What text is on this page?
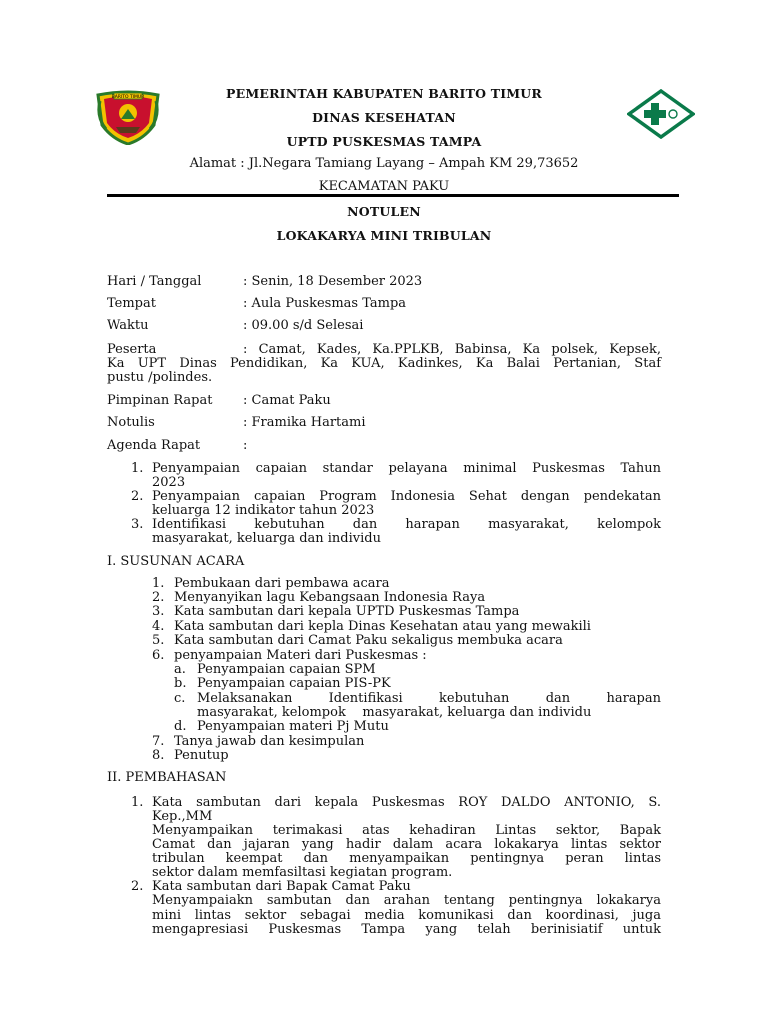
BARITO TIMUR	PEMERINTAH KABUPATEN BARITO TIMUR
DINAS KESEHATAN
UPTD PUSKESMAS TAMPA
Alamat : Jl.Negara Tamiang Layang – Ampah KM 29,73652
KECAMATAN PAKU
NOTULEN
LOKAKARYA MINI TRIBULAN
Hari / Tanggal	: Senin, 18 Desember 2023
Tempat	: Aula Puskesmas Tampa
Waktu	: 09.00 s/d Selesai
Peserta	: Camat, Kades, Ka.PPLKB, Babinsa, Ka polsek, Kepsek,
Ka UPT Dinas Pendidikan, Ka KUA, Kadinkes, Ka Balai Pertanian, Staf
pustu /polindes.
Pimpinan Rapat : Camat Paku
Notulis	: Framika Hartami
Agenda Rapat	:
1. Penyampaian capaian standar pelayana minimal Puskesmas Tahun
2023
2. Penyampaian capaian Program Indonesia Sehat dengan pendekatan
keluarga 12 indikator tahun 2023
3. Identifikasi kebutuhan dan harapan masyarakat, kelompok
masyarakat, keluarga dan individu
I. SUSUNAN ACARA
1. Pembukaan dari pembawa acara
2. Menyanyikan lagu Kebangsaan Indonesia Raya
3. Kata sambutan dari kepala UPTD Puskesmas Tampa
4. Kata sambutan dari kepla Dinas Kesehatan atau yang mewakili
5. Kata sambutan dari Camat Paku sekaligus membuka acara
6. penyampaian Materi dari Puskesmas :
a. Penyampaian capaian SPM
b. Penyampaian capaian PIS-PK
c. Melaksanakan Identifikasi kebutuhan dan harapan
masyarakat, kelompok    masyarakat, keluarga dan individu
d. Penyampaian materi Pj Mutu
7. Tanya jawab dan kesimpulan
8. Penutup
II. PEMBAHASAN
1. Kata sambutan dari kepala Puskesmas ROY DALDO ANTONIO, S.
Kep.,MM
Menyampaikan terimakasi atas kehadiran Lintas sektor, Bapak
Camat dan jajaran yang hadir dalam acara lokakarya lintas sektor
tribulan keempat dan menyampaikan pentingnya peran lintas
sektor dalam memfasiltasi kegiatan program.
2. Kata sambutan dari Bapak Camat Paku
Menyampaiakn sambutan dan arahan tentang pentingnya lokakarya
mini lintas sektor sebagai media komunikasi dan koordinasi, juga
mengapresiasi Puskesmas Tampa yang telah berinisiatif untuk
